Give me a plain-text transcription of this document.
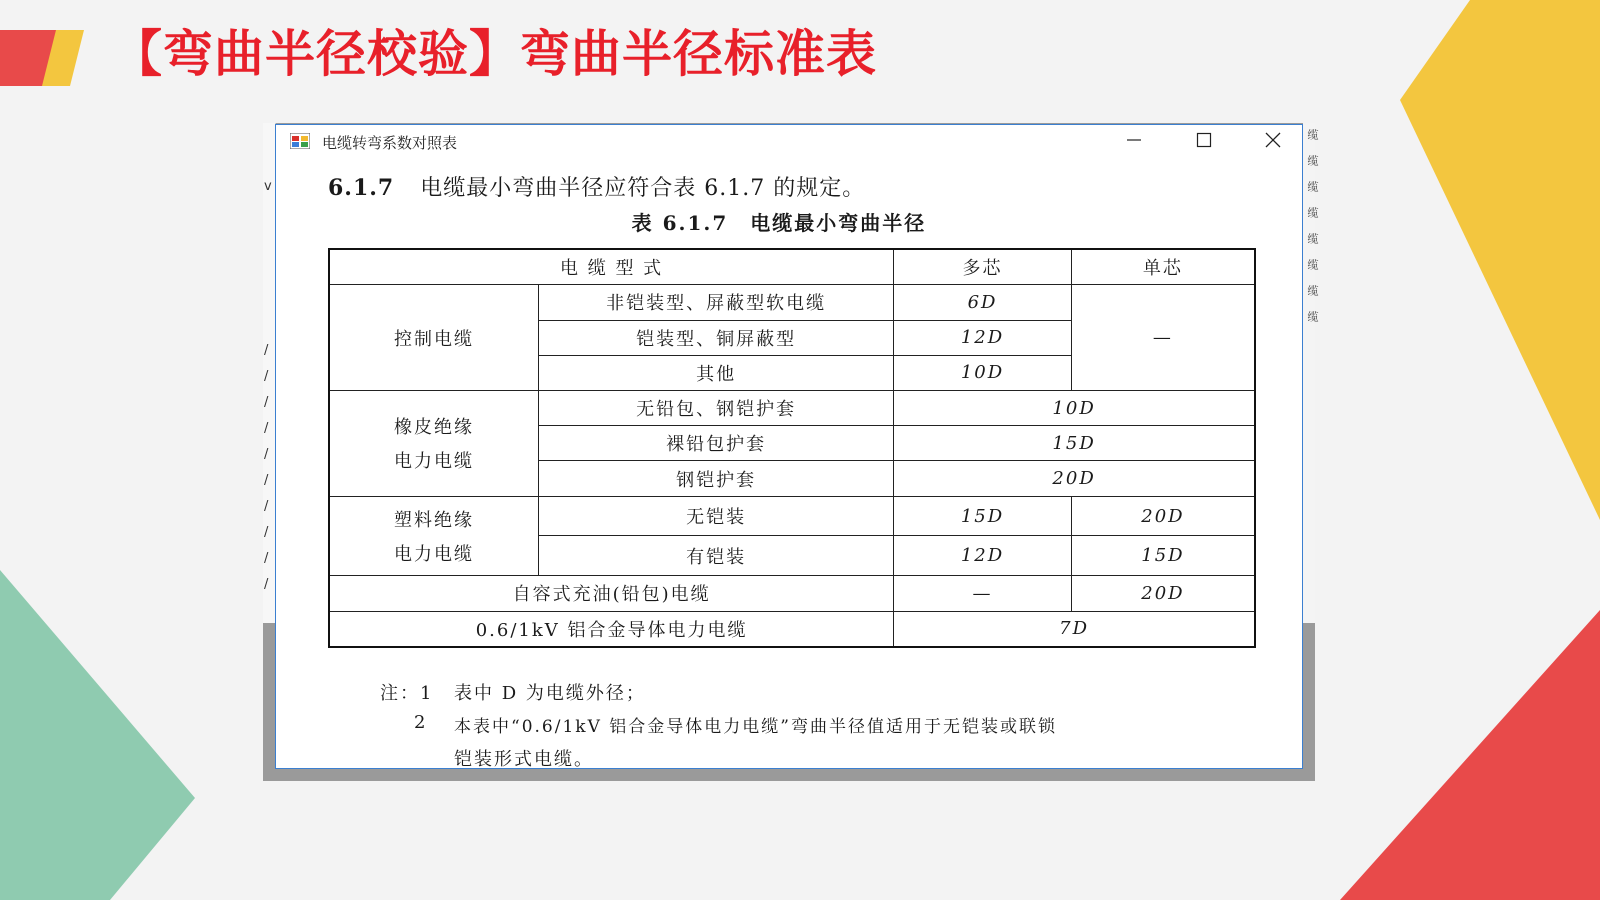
【弯曲半径校验】弯曲半径标准表
v
/
/
/
/
/
/
/
/
/
/
缆
缆
缆
缆
缆
缆
缆
缆
电缆转弯系数对照表
6.1.7 电缆最小弯曲半径应符合表 6.1.7 的规定。
表 6.1.7　电缆最小弯曲半径
电 缆 型 式		多芯	单芯
控制电缆	非铠装型、屏蔽型软电缆	6D	—
	铠装型、铜屏蔽型	12D	
	其他	10D	

橡皮绝缘
电力电缆	无铅包、钢铠护套	10D	
	裸铅包护套	15D	
	钢铠护套	20D	

塑料绝缘
电力电缆	无铠装	15D	20D
	有铠装	12D	15D
自容式充油(铅包)电缆		—	20D
0.6/1kV 铝合金导体电力电缆		7D	
注：1 表中 D 为电缆外径；
2 本表中“0.6/1kV 铝合金导体电力电缆”弯曲半径值适用于无铠装或联锁
铠装形式电缆。
